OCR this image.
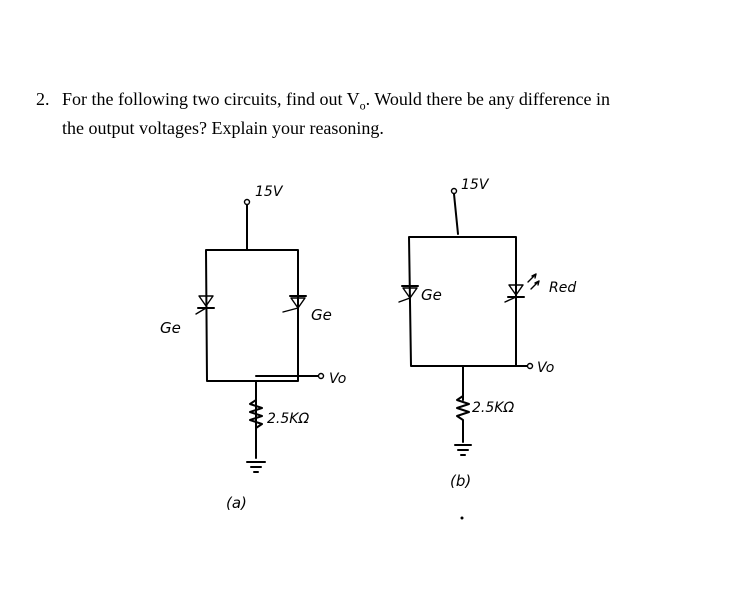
2. For the following two circuits, find out $V_o$. Would there be any difference in
the output voltages? Explain your reasoning.
15V
Ge
Ge
Vo
2.5KΩ
(a)
15V
Ge	Red
Vo
2.5KΩ
(b)
